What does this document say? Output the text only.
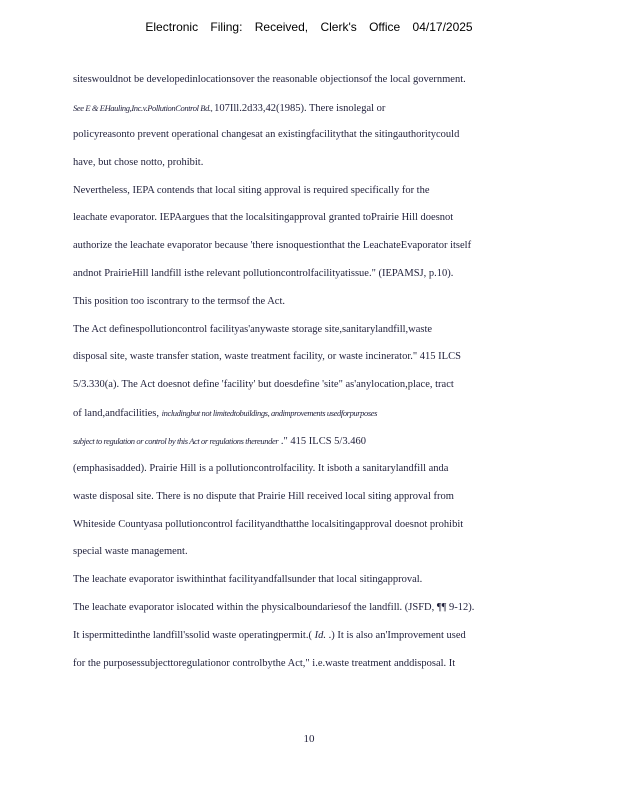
Electronic Filing: Received, Clerk's Office 04/17/2025
siteswouldnot be developedinlocationsover the reasonable objectionsof the local government.
See E & EHauling,Inc.v.PollutionControl Bd., 107Ill.2d33,42(1985). There isnolegal or
policyreasonto prevent operational changesat an existingfacilitythat the sitingauthoritycould
have, but chose notto, prohibit.
Nevertheless, IEPA contends that local siting approval is required specifically for the
leachate evaporator. IEPAargues that the localsitingapproval granted toPrairie Hill doesnot
authorize the leachate evaporator because 'there isnoquestionthat the LeachateEvaporator itself
andnot PrairieHill landfill isthe relevant pollutioncontrolfacilityatissue." (IEPAMSJ, p.10).
This position too iscontrary to the termsof the Act.
The Act definespollutioncontrol facilityas'anywaste storage site,sanitarylandfill,waste
disposal site, waste transfer station, waste treatment facility, or waste incinerator." 415 ILCS
5/3.330(a). The Act doesnot define 'facility' but doesdefine 'site" as'anylocation,place, tract
of land,andfacilities, includingbut not limitedtobuildings, andimprovements usedforpurposes
subject to regulation or control by this Act or regulations thereunder ." 415 ILCS 5/3.460
(emphasisadded). Prairie Hill is a pollutioncontrolfacility. It isboth a sanitarylandfill anda
waste disposal site. There is no dispute that Prairie Hill received local siting approval from
Whiteside Countyasa pollutioncontrol facilityandthatthe localsitingapproval doesnot prohibit
special waste management.
The leachate evaporator iswithinthat facilityandfallsunder that local sitingapproval.
The leachate evaporator islocated within the physicalboundariesof the landfill. (JSFD, ¶¶ 9-12).
It ispermittedinthe landfill'ssolid waste operatingpermit.( Id. .) It is also an'Improvement used
for the purposessubjecttoregulationor controlbythe Act," i.e.waste treatment anddisposal. It
10
